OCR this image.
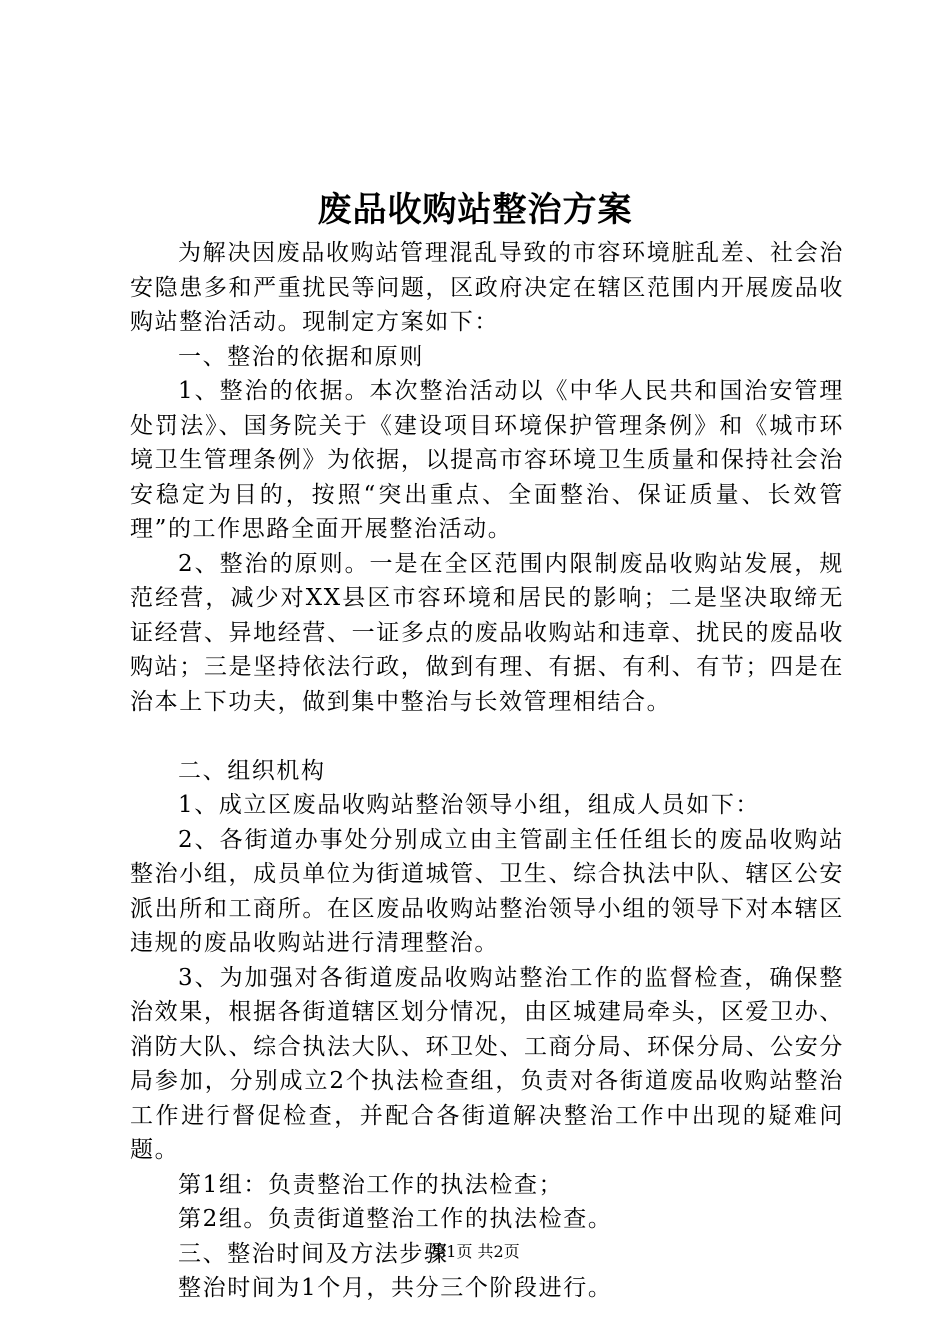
废品收购站整治方案

为解决因废品收购站管理混乱导致的市容环境脏乱差、社会治安隐患多和严重扰民等问题，区政府决定在辖区范围内开展废品收购站整治活动。现制定方案如下：

一、整治的依据和原则

1、整治的依据。本次整治活动以《中华人民共和国治安管理处罚法》、国务院关于《建设项目环境保护管理条例》和《城市环境卫生管理条例》为依据，以提高市容环境卫生质量和保持社会治安稳定为目的，按照“突出重点、全面整治、保证质量、长效管理”的工作思路全面开展整治活动。

2、整治的原则。一是在全区范围内限制废品收购站发展，规范经营，减少对XX县区市容环境和居民的影响；二是坚决取缔无证经营、异地经营、一证多点的废品收购站和违章、扰民的废品收购站；三是坚持依法行政，做到有理、有据、有利、有节；四是在治本上下功夫，做到集中整治与长效管理相结合。

二、组织机构

1、成立区废品收购站整治领导小组，组成人员如下：

2、各街道办事处分别成立由主管副主任任组长的废品收购站整治小组，成员单位为街道城管、卫生、综合执法中队、辖区公安派出所和工商所。在区废品收购站整治领导小组的领导下对本辖区违规的废品收购站进行清理整治。

3、为加强对各街道废品收购站整治工作的监督检查，确保整治效果，根据各街道辖区划分情况，由区城建局牵头，区爱卫办、消防大队、综合执法大队、环卫处、工商分局、环保分局、公安分局参加，分别成立2个执法检查组，负责对各街道废品收购站整治工作进行督促检查，并配合各街道解决整治工作中出现的疑难问题。

第1组：负责整治工作的执法检查；

第2组。负责街道整治工作的执法检查。

三、整治时间及方法步骤

整治时间为1个月，共分三个阶段进行。

第1页 共2页
